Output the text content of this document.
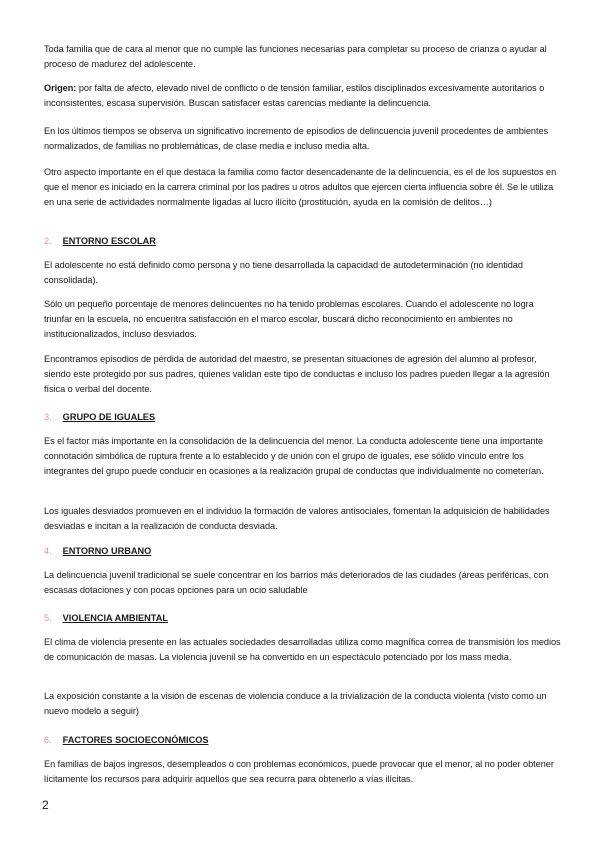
Toda familia que de cara al menor que no cumple las funciones necesarias para completar su proceso de crianza o ayudar al proceso de madurez del adolescente.

Origen: por falta de afecto, elevado nivel de conflicto o de tensión familiar, estilos disciplinados excesivamente autoritarios o inconsistentes, escasa supervisión. Buscan satisfacer estas carencias mediante la delincuencia.

En los últimos tiempos se observa un significativo incremento de episodios de delincuencia juvenil procedentes de ambientes normalizados, de familias no problemáticas, de clase media e incluso media alta.

Otro aspecto importante en el que destaca la familia como factor desencadenante de la delincuencia, es el de los supuestos en que el menor es iniciado en la carrera criminal por los padres u otros adultos que ejercen cierta influencia sobre él. Se le utiliza en una serie de actividades normalmente ligadas al lucro ilícito (prostitución, ayuda en la comisión de delitos…)

2. ENTORNO ESCOLAR

El adolescente no está definido como persona y no tiene desarrollada la capacidad de autodeterminación (no identidad consolidada).

Sólo un pequeño porcentaje de menores delincuentes no ha tenido problemas escolares. Cuando el adolescente no logra triunfar en la escuela, no encuentra satisfacción en el marco escolar, buscará dicho reconocimiento en ambientes no institucionalizados, incluso desviados.

Encontramos episodios de pérdida de autoridad del maestro, se presentan situaciones de agresión del alumno al profesor, siendo este protegido por sus padres, quienes validan este tipo de conductas e incluso los padres pueden llegar a la agresión física o verbal del docente.

3. GRUPO DE IGUALES

Es el factor más importante en la consolidación de la delincuencia del menor. La conducta adolescente tiene una importante connotación simbólica de ruptura frente a lo establecido y de unión con el grupo de iguales, ese sólido vínculo entre los integrantes del grupo puede conducir en ocasiones a la realización grupal de conductas que individualmente no cometerían.

Los iguales desviados promueven en el individuo la formación de valores antisociales, fomentan la adquisición de habilidades desviadas e incitan a la realización de conducta desviada.

4. ENTORNO URBANO

La delincuencia juvenil tradicional se suele concentrar en los barrios más deteriorados de las ciudades (áreas periféricas, con escasas dotaciones y con pocas opciones para un ocio saludable

5. VIOLENCIA AMBIENTAL

El clima de violencia presente en las actuales sociedades desarrolladas utiliza como magnífica correa de transmisión los medios de comunicación de masas. La violencia juvenil se ha convertido en un espectáculo potenciado por los mass media.

La exposición constante a la visión de escenas de violencia conduce a la trivialización de la conducta violenta (visto como un nuevo modelo a seguir)

6. FACTORES SOCIOECONÓMICOS

En familias de bajos ingresos, desempleados o con problemas económicos, puede provocar que el menor, al no poder obtener lícitamente los recursos para adquirir aquellos que sea recurra para obtenerlo a vías ilícitas.

2
